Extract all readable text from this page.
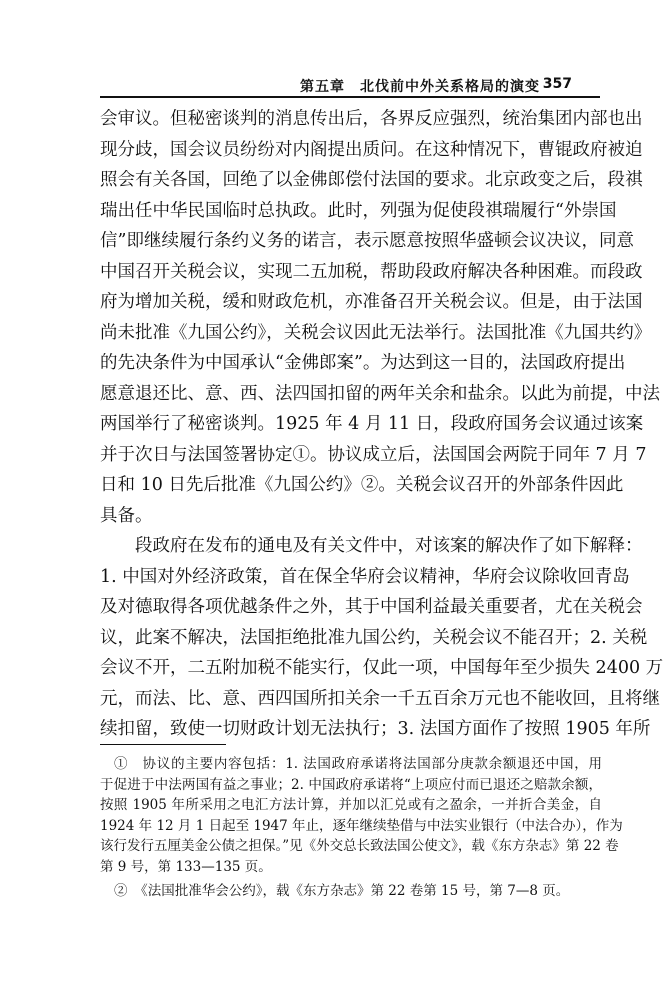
第五章　北伐前中外关系格局的演变 357
会审议。但秘密谈判的消息传出后，各界反应强烈，统治集团内部也出
现分歧，国会议员纷纷对内阁提出质问。在这种情况下，曹锟政府被迫
照会有关各国，回绝了以金佛郎偿付法国的要求。北京政变之后，段祺
瑞出任中华民国临时总执政。此时，列强为促使段祺瑞履行“外崇国
信”即继续履行条约义务的诺言，表示愿意按照华盛顿会议决议，同意
中国召开关税会议，实现二五加税，帮助段政府解决各种困难。而段政
府为增加关税，缓和财政危机，亦准备召开关税会议。但是，由于法国
尚未批准《九国公约》，关税会议因此无法举行。法国批准《九国共约》
的先决条件为中国承认“金佛郎案”。为达到这一目的，法国政府提出
愿意退还比、意、西、法四国扣留的两年关余和盐余。以此为前提，中法
两国举行了秘密谈判。1925 年 4 月 11 日，段政府国务会议通过该案
并于次日与法国签署协定①。协议成立后，法国国会两院于同年 7 月 7
日和 10 日先后批准《九国公约》②。关税会议召开的外部条件因此
具备。
段政府在发布的通电及有关文件中，对该案的解决作了如下解释：
1. 中国对外经济政策，首在保全华府会议精神，华府会议除收回青岛
及对德取得各项优越条件之外，其于中国利益最关重要者，尤在关税会
议，此案不解决，法国拒绝批准九国公约，关税会议不能召开；2. 关税
会议不开，二五附加税不能实行，仅此一项，中国每年至少损失 2400 万
元，而法、比、意、西四国所扣关余一千五百余万元也不能收回，且将继
续扣留，致使一切财政计划无法执行；3. 法国方面作了按照 1905 年所
①　协议的主要内容包括：1. 法国政府承诺将法国部分庚款余额退还中国，用
于促进于中法两国有益之事业；2. 中国政府承诺将“上项应付而已退还之赔款余额，
按照 1905 年所采用之电汇方法计算，并加以汇兑或有之盈余，一并折合美金，自
1924 年 12 月 1 日起至 1947 年止，逐年继续垫借与中法实业银行（中法合办），作为
该行发行五厘美金公债之担保。”见《外交总长致法国公使文》，载《东方杂志》第 22 卷
第 9 号，第 133—135 页。
②　《法国批准华会公约》，载《东方杂志》第 22 卷第 15 号，第 7—8 页。
